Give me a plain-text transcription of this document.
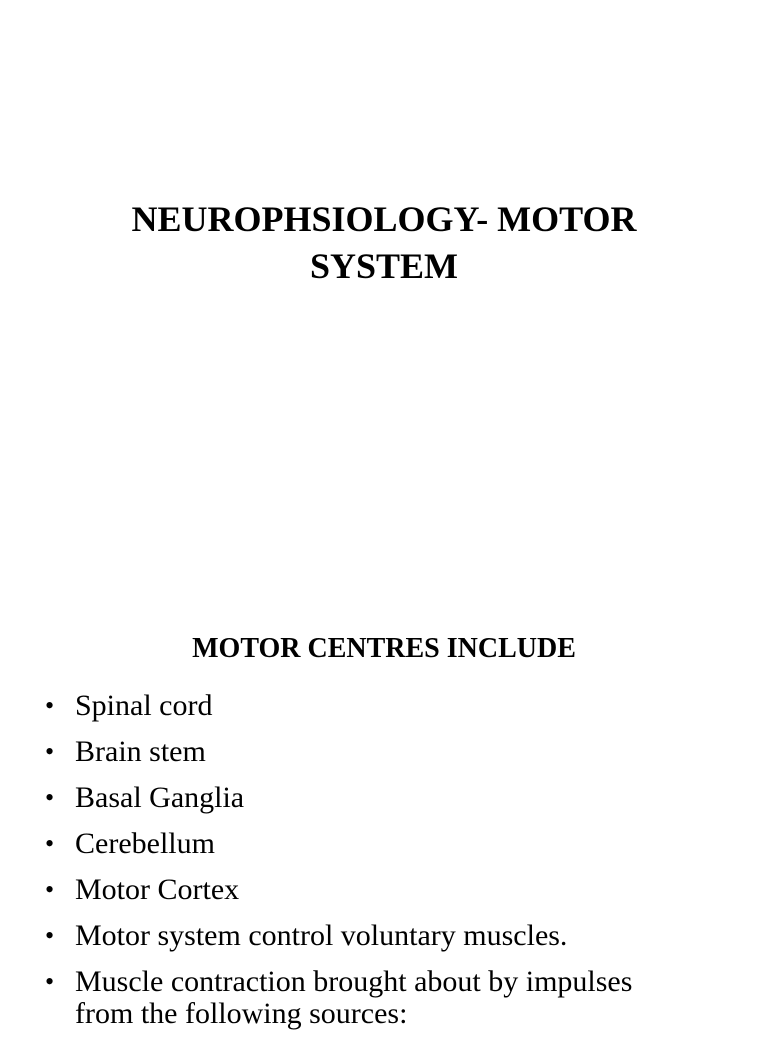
NEUROPHSIOLOGY- MOTOR
SYSTEM
MOTOR CENTRES INCLUDE
• Spinal cord
• Brain stem
• Basal Ganglia
• Cerebellum
• Motor Cortex
• Motor system control voluntary muscles.
• Muscle contraction brought about by impulses
from the following sources:
